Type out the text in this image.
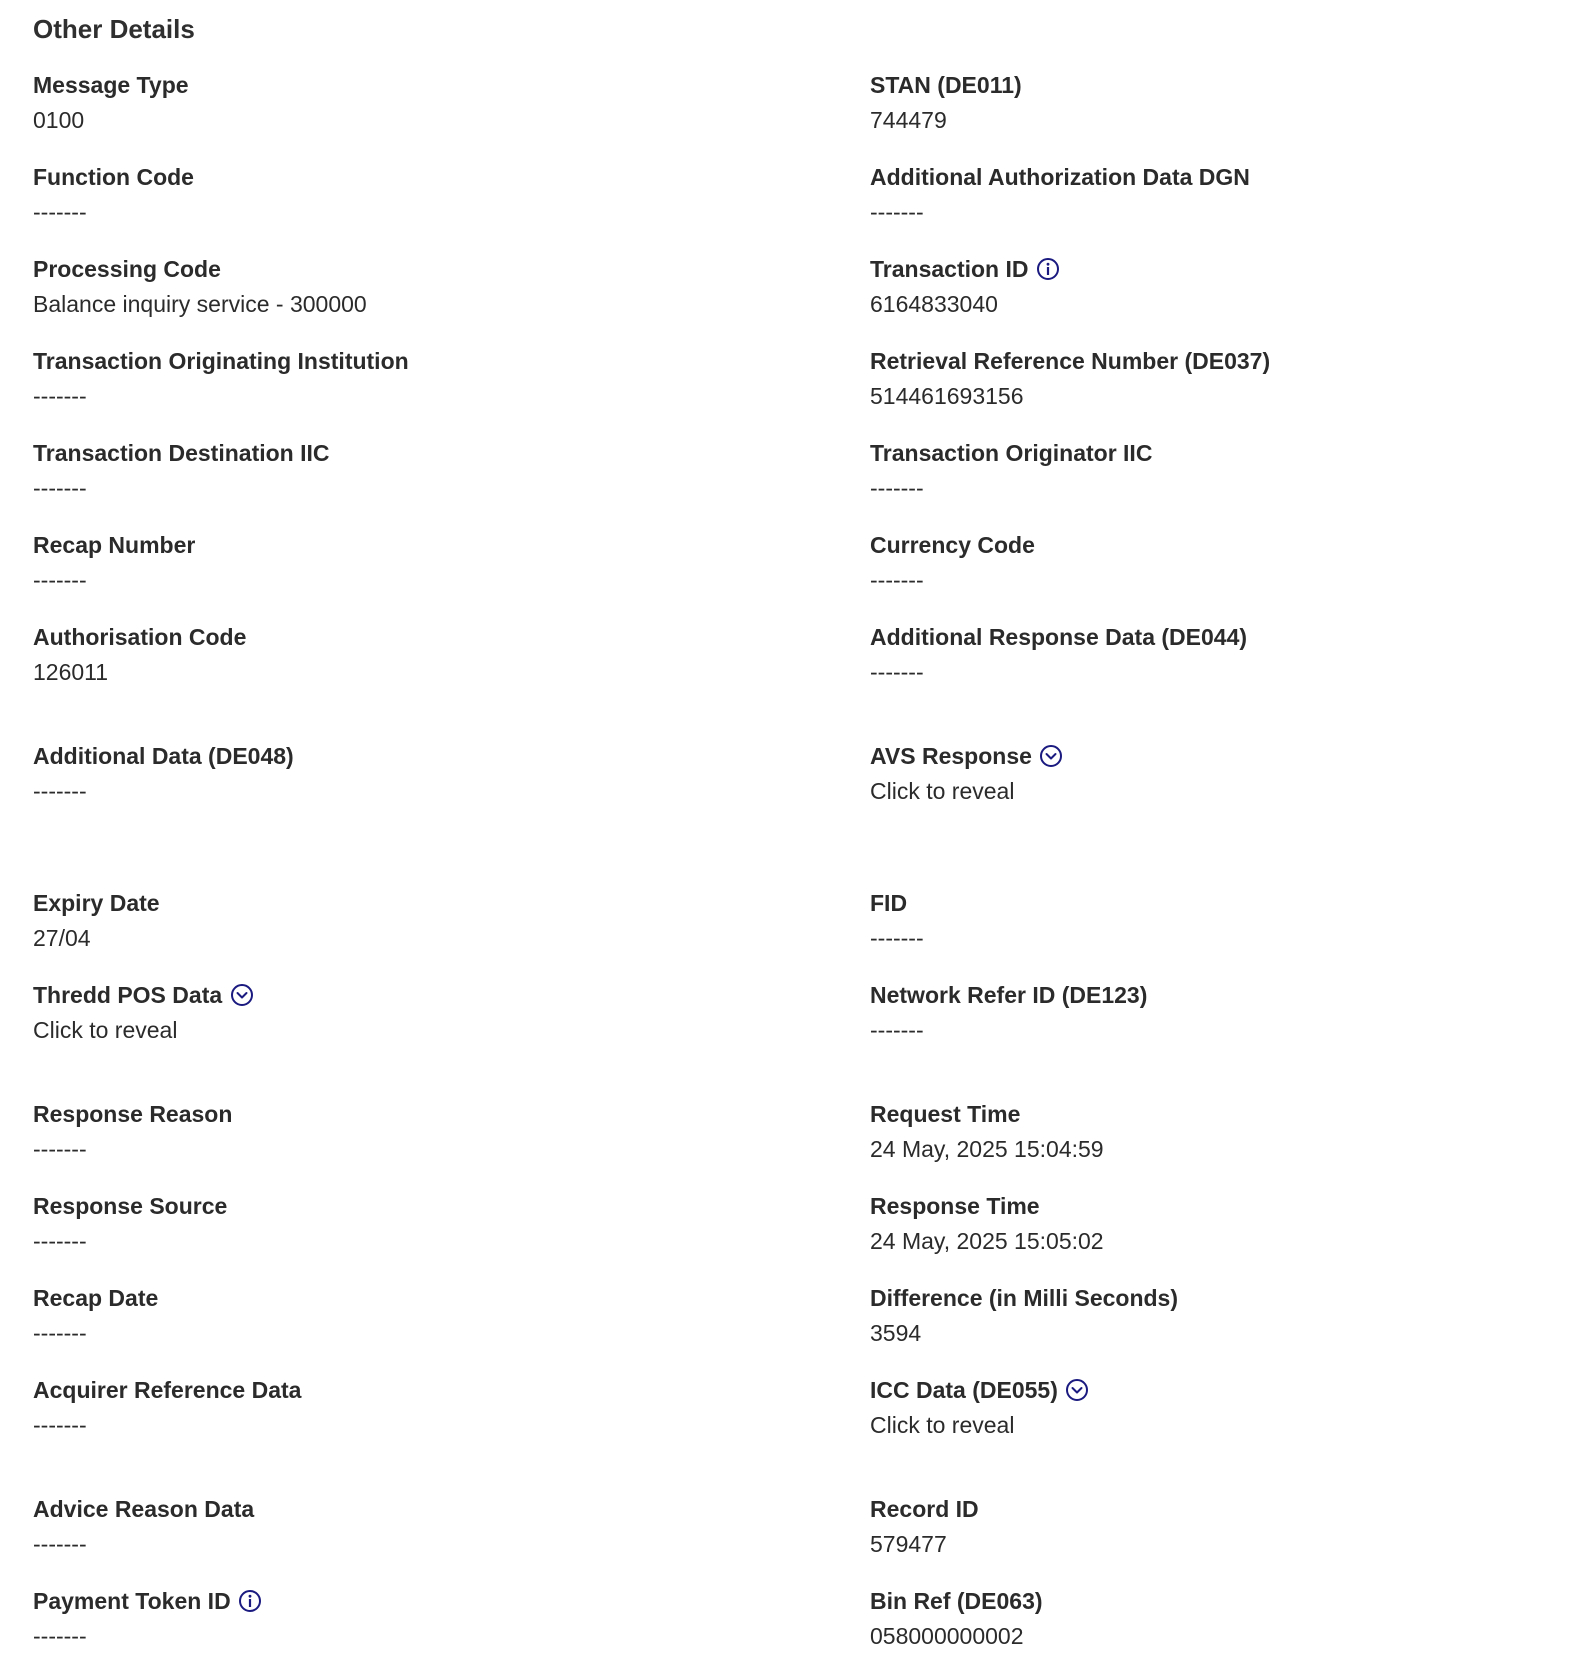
Other Details
Message Type
0100
STAN (DE011)
744479
Function Code
-------
Additional Authorization Data DGN
-------
Processing Code
Balance inquiry service - 300000
Transaction ID
6164833040
Transaction Originating Institution
-------
Retrieval Reference Number (DE037)
514461693156
Transaction Destination IIC
-------
Transaction Originator IIC
-------
Recap Number
-------
Currency Code
-------
Authorisation Code
126011
Additional Response Data (DE044)
-------
Additional Data (DE048)
-------
AVS Response
Click to reveal
Expiry Date
27/04
FID
-------
Thredd POS Data
Click to reveal
Network Refer ID (DE123)
-------
Response Reason
-------
Request Time
24 May, 2025 15:04:59
Response Source
-------
Response Time
24 May, 2025 15:05:02
Recap Date
-------
Difference (in Milli Seconds)
3594
Acquirer Reference Data
-------
ICC Data (DE055)
Click to reveal
Advice Reason Data
-------
Record ID
579477
Payment Token ID
-------
Bin Ref (DE063)
058000000002
